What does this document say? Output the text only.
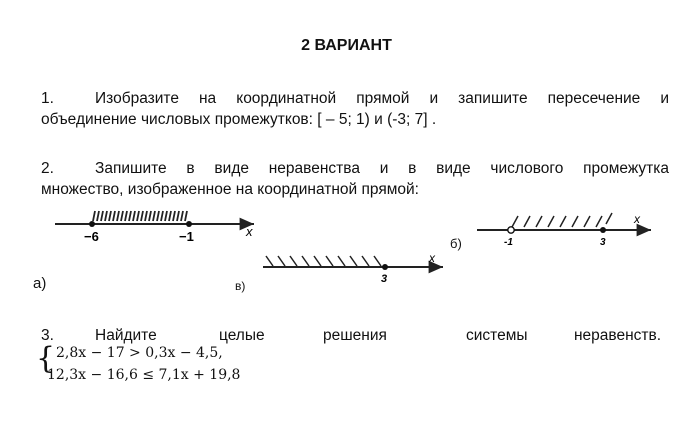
2 ВАРИАНТ
1.	Изобразите на координатной прямой и запишите пересечение и
объединение числовых промежутков: [ – 5; 1) и (-3; 7] .
2.	Запишите в виде неравенства и в виде числового промежутка
множество, изображенное на координатной прямой:
−6	−1	x
-1	3
x
3
x
б)
а)	в)
3.	Найдите	целые	решения	системы	неравенств.
{ 2,8x − 17 > 0,3x − 4,5,
12,3x − 16,6 ≤ 7,1x + 19,8
